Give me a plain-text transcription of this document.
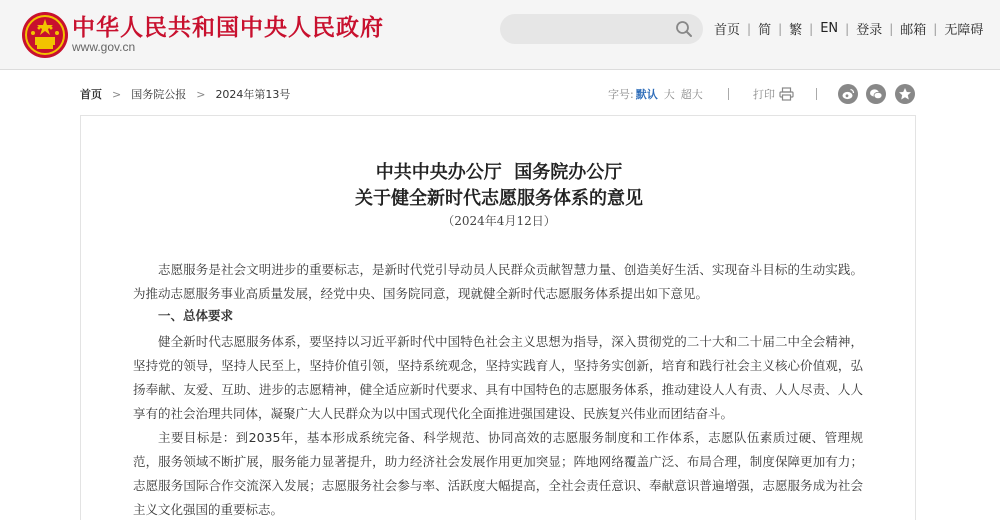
中华人民共和国中央人民政府
www.gov.cn
首页 | 简 | 繁 | EN | 登录 | 邮箱 | 无障碍
首页 > 国务院公报 > 2024年第13号	字号: 默认 大 超大	打印
中共中央办公厅  国务院办公厅
关于健全新时代志愿服务体系的意见
（2024年4月12日）
志愿服务是社会文明进步的重要标志，是新时代党引导动员人民群众贡献智慧力量、创造美好生活、实现奋斗目标的生动实践。为推动志愿服务事业高质量发展，经党中央、国务院同意，现就健全新时代志愿服务体系提出如下意见。
一、总体要求
健全新时代志愿服务体系，要坚持以习近平新时代中国特色社会主义思想为指导，深入贯彻党的二十大和二十届二中全会精神，坚持党的领导，坚持人民至上，坚持价值引领，坚持系统观念，坚持实践育人，坚持务实创新，培育和践行社会主义核心价值观，弘扬奉献、友爱、互助、进步的志愿精神，健全适应新时代要求、具有中国特色的志愿服务体系，推动建设人人有责、人人尽责、人人享有的社会治理共同体，凝聚广大人民群众为以中国式现代化全面推进强国建设、民族复兴伟业而团结奋斗。
主要目标是：到2035年，基本形成系统完备、科学规范、协同高效的志愿服务制度和工作体系，志愿队伍素质过硬、管理规范，服务领域不断扩展，服务能力显著提升，助力经济社会发展作用更加突显；阵地网络覆盖广泛、布局合理，制度保障更加有力；志愿服务国际合作交流深入发展；志愿服务社会参与率、活跃度大幅提高，全社会责任意识、奉献意识普遍增强，志愿服务成为社会主义文化强国的重要标志。
